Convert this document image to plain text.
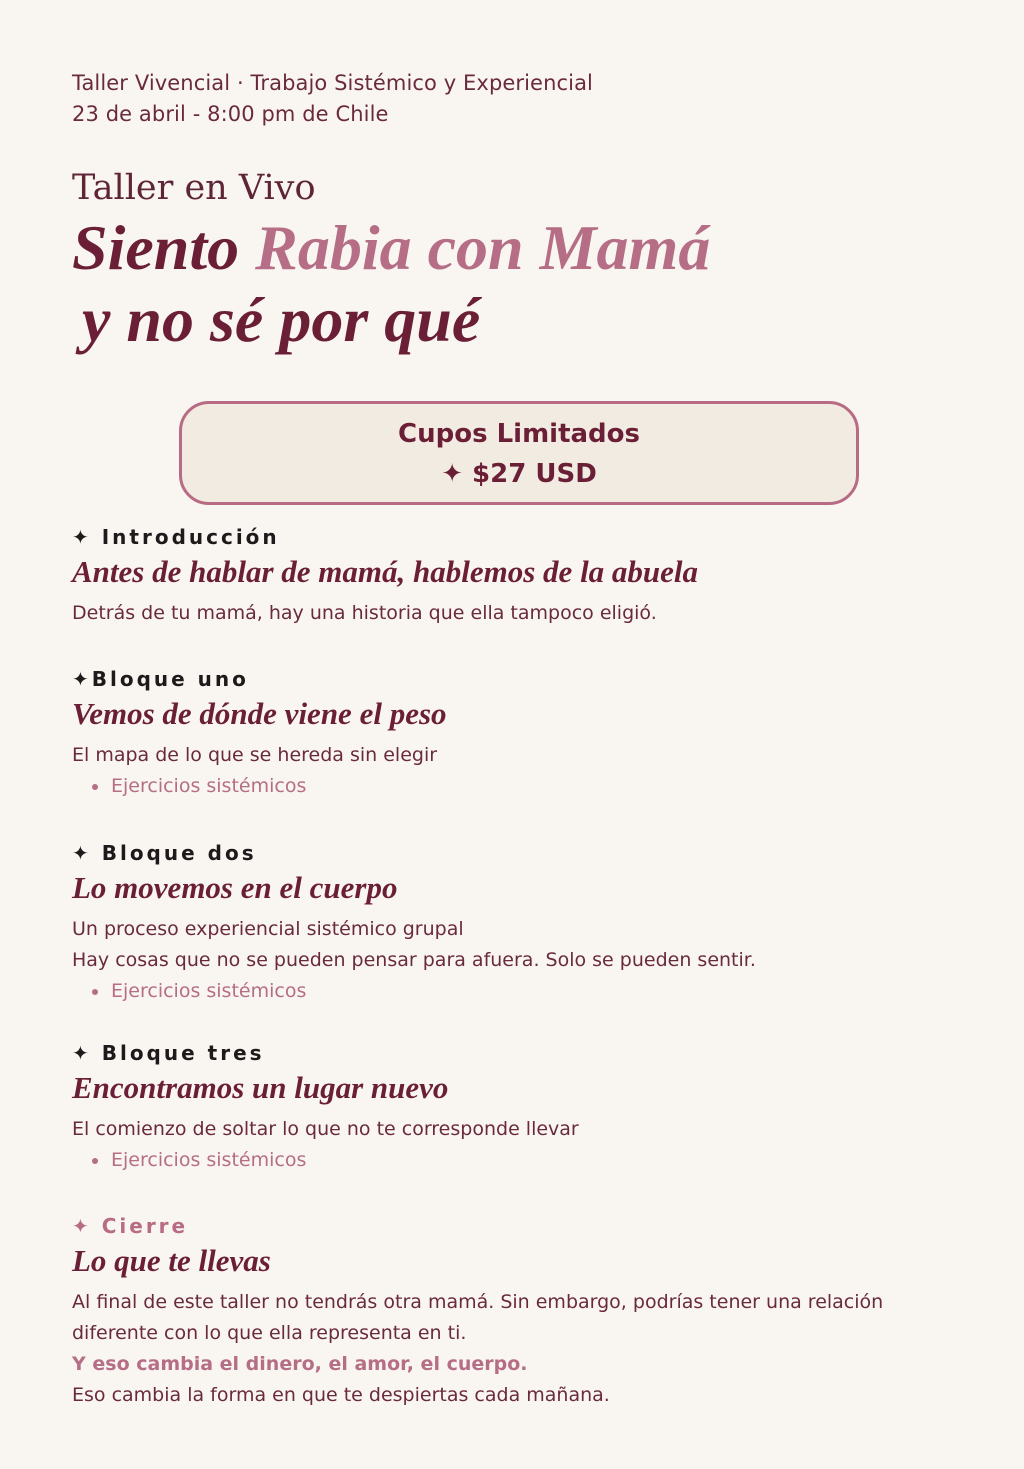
Taller Vivencial · Trabajo Sistémico y Experiencial
23 de abril - 8:00 pm de Chile
Taller en Vivo
Siento Rabia con Mamá
y no sé por qué
Cupos Limitados
✦ $27 USD
✦ Introducción
Antes de hablar de mamá, hablemos de la abuela
Detrás de tu mamá, hay una historia que ella tampoco eligió.
✦Bloque uno
Vemos de dónde viene el peso
El mapa de lo que se hereda sin elegir
Ejercicios sistémicos
✦ Bloque dos
Lo movemos en el cuerpo
Un proceso experiencial sistémico grupal
Hay cosas que no se pueden pensar para afuera. Solo se pueden sentir.
Ejercicios sistémicos
✦ Bloque tres
Encontramos un lugar nuevo
El comienzo de soltar lo que no te corresponde llevar
Ejercicios sistémicos
✦ Cierre
Lo que te llevas
Al final de este taller no tendrás otra mamá. Sin embargo, podrías tener una relación
diferente con lo que ella representa en ti.
Y eso cambia el dinero, el amor, el cuerpo.
Eso cambia la forma en que te despiertas cada mañana.
